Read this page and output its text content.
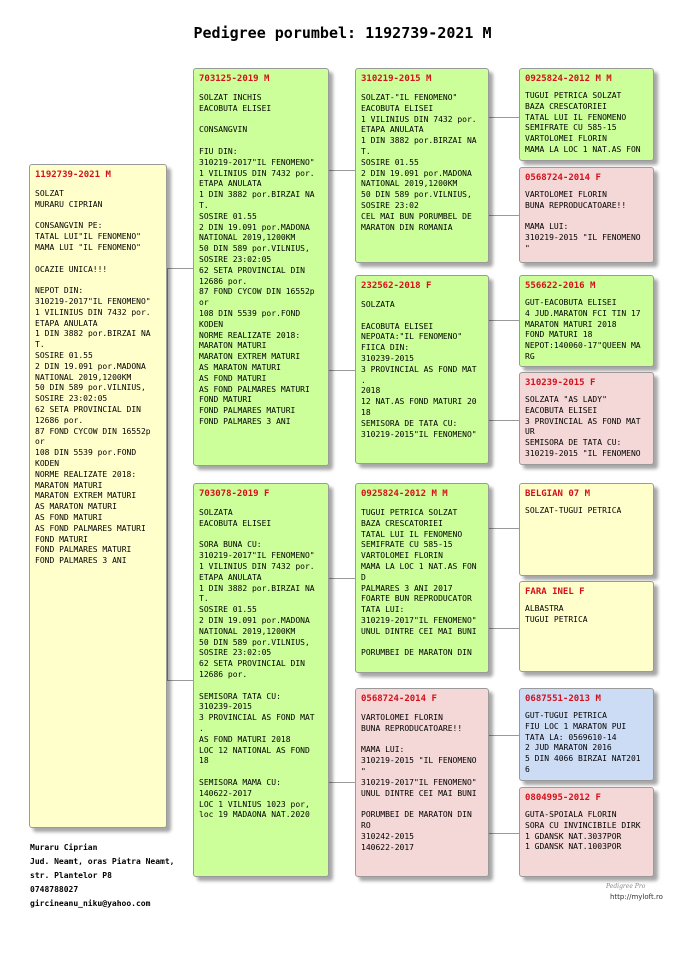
Pedigree porumbel: 1192739-2021 M
1192739-2021 M
SOLZAT
MURARU CIPRIAN

CONSANGVIN PE:
TATAL LUI"IL FENOMENO"
MAMA LUI "IL FENOMENO"

OCAZIE UNICA!!!

NEPOT DIN:
310219-2017"IL FENOMENO"
1 VILINIUS DIN 7432 por.
ETAPA ANULATA
1 DIN 3882 por.BIRZAI NA
T.
SOSIRE 01.55
2 DIN 19.091 por.MADONA
NATIONAL 2019,1200KM
50 DIN 589 por.VILNIUS,
SOSIRE 23:02:05
62 SETA PROVINCIAL DIN
12686 por.
87 FOND CYCOW DIN 16552p
or
108 DIN 5539 por.FOND
KODEN
NORME REALIZATE 2018:
MARATON MATURI
MARATON EXTREM MATURI
AS MARATON MATURI
AS FOND MATURI
AS FOND PALMARES MATURI
FOND MATURI
FOND PALMARES MATURI
FOND PALMARES 3 ANI
703125-2019 M
SOLZAT INCHIS
EACOBUTA ELISEI

CONSANGVIN

FIU DIN:
310219-2017"IL FENOMENO"
1 VILINIUS DIN 7432 por.
ETAPA ANULATA
1 DIN 3882 por.BIRZAI NA
T.
SOSIRE 01.55
2 DIN 19.091 por.MADONA
NATIONAL 2019,1200KM
50 DIN 589 por.VILNIUS,
SOSIRE 23:02:05
62 SETA PROVINCIAL DIN
12686 por.
87 FOND CYCOW DIN 16552p
or
108 DIN 5539 por.FOND
KODEN
NORME REALIZATE 2018:
MARATON MATURI
MARATON EXTREM MATURI
AS MARATON MATURI
AS FOND MATURI
AS FOND PALMARES MATURI
FOND MATURI
FOND PALMARES MATURI
FOND PALMARES 3 ANI
703078-2019 F
SOLZATA
EACOBUTA ELISEI

SORA BUNA CU:
310219-2017"IL FENOMENO"
1 VILINIUS DIN 7432 por.
ETAPA ANULATA
1 DIN 3882 por.BIRZAI NA
T.
SOSIRE 01.55
2 DIN 19.091 por.MADONA
NATIONAL 2019,1200KM
50 DIN 589 por.VILNIUS,
SOSIRE 23:02:05
62 SETA PROVINCIAL DIN
12686 por.

SEMISORA TATA CU:
310239-2015
3 PROVINCIAL AS FOND MAT
.
AS FOND MATURI 2018
LOC 12 NATIONAL AS FOND
18

SEMISORA MAMA CU:
140622-2017
LOC 1 VILNIUS 1023 por,
loc 19 MADAONA NAT.2020
310219-2015 M
SOLZAT-"IL FENOMENO"
EACOBUTA ELISEI
1 VILINIUS DIN 7432 por.
ETAPA ANULATA
1 DIN 3882 por.BIRZAI NA
T.
SOSIRE 01.55
2 DIN 19.091 por.MADONA
NATIONAL 2019,1200KM
50 DIN 589 por.VILNIUS,
SOSIRE 23:02
CEL MAI BUN PORUMBEL DE
MARATON DIN ROMANIA
232562-2018 F
SOLZATA

EACOBUTA ELISEI
NEPOATA:"IL FENOMENO"
FIICA DIN:
310239-2015
3 PROVINCIAL AS FOND MAT
.
2018
12 NAT.AS FOND MATURI 20
18
SEMISORA DE TATA CU:
310219-2015"IL FENOMENO"
0925824-2012 M M
TUGUI PETRICA SOLZAT
BAZA CRESCATORIEI
TATAL LUI IL FENOMENO
SEMIFRATE CU 585-15
VARTOLOMEI FLORIN
MAMA LA LOC 1 NAT.AS FON
D
PALMARES 3 ANI 2017
FOARTE BUN REPRODUCATOR
TATA LUI:
310219-2017"IL FENOMENO"
UNUL DINTRE CEI MAI BUNI

PORUMBEI DE MARATON DIN
0568724-2014 F
VARTOLOMEI FLORIN
BUNA REPRODUCATOARE!!

MAMA LUI:
310219-2015 "IL FENOMENO
"
310219-2017"IL FENOMENO"
UNUL DINTRE CEI MAI BUNI

PORUMBEI DE MARATON DIN
RO
310242-2015
140622-2017
0925824-2012 M M
TUGUI PETRICA SOLZAT
BAZA CRESCATORIEI
TATAL LUI IL FENOMENO
SEMIFRATE CU 585-15
VARTOLOMEI FLORIN
MAMA LA LOC 1 NAT.AS FON
0568724-2014 F
VARTOLOMEI FLORIN
BUNA REPRODUCATOARE!!

MAMA LUI:
310219-2015 "IL FENOMENO
"
556622-2016 M
GUT-EACOBUTA ELISEI
4 JUD.MARATON FCI TIN 17
MARATON MATURI 2018
FOND MATURI 18
NEPOT:140060-17"QUEEN MA
RG
310239-2015 F
SOLZATA "AS LADY"
EACOBUTA ELISEI
3 PROVINCIAL AS FOND MAT
UR
SEMISORA DE TATA CU:
310219-2015 "IL FENOMENO
BELGIAN 07 M
SOLZAT-TUGUI PETRICA
FARA INEL F
ALBASTRA
TUGUI PETRICA
0687551-2013 M
GUT-TUGUI PETRICA
FIU LOC 1 MARATON PUI
TATA LA: 0569610-14
2 JUD MARATON 2016
5 DIN 4066 BIRZAI NAT201
6
0804995-2012 F
GUTA-SPOIALA FLORIN
SORA CU INVINCIBILE DIRK
1 GDANSK NAT.3037POR
1 GDANSK NAT.1003POR
Muraru Ciprian
Jud. Neamt, oras Piatra Neamt,
str. Plantelor P8
0748788027
gircineanu_niku@yahoo.com
Pedigree Pro
http://myloft.ro
